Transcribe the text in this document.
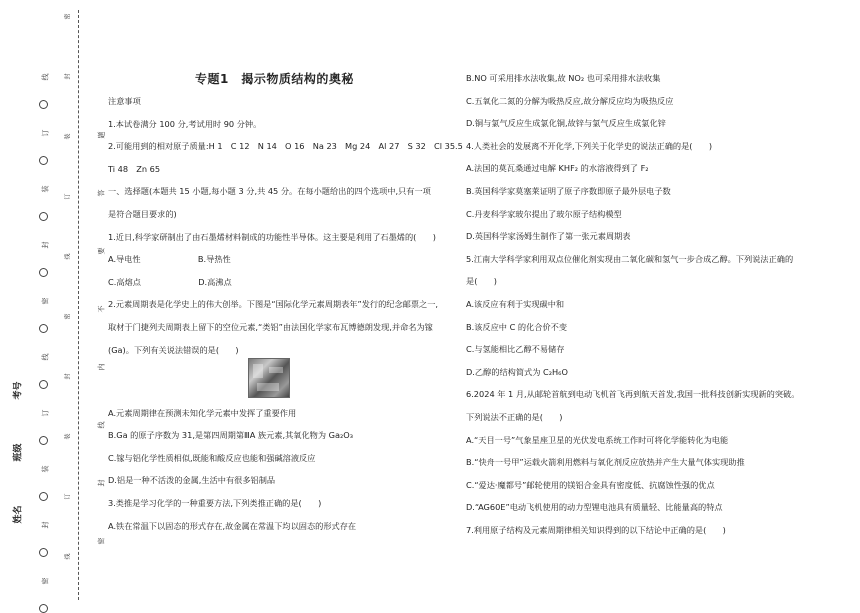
姓名
班级
考号
线
订
装
封
密
线
订
装
封
密
题
答
要
不
内
线
封
密
密
封
装
订
线
密
封
装
订
线
专题1　揭示物质结构的奥秘

注意事项

1.本试卷满分 100 分,考试用时 90 分钟。

2.可能用到的相对原子质量:H 1　C 12　N 14　O 16　Na 23　Mg 24　Al 27　S 32　Cl 35.5

Ti 48　Zn 65

一、选择题(本题共 15 小题,每小题 3 分,共 45 分。在每小题给出的四个选项中,只有一项

是符合题目要求的)

1.近日,科学家研制出了由石墨烯材料制成的功能性半导体。这主要是利用了石墨烯的(　　)

A.导电性　　　　　　　B.导热性

C.高熔点　　　　　　　D.高沸点

2.元素周期表是化学史上的伟大创举。下图是“国际化学元素周期表年”发行的纪念邮票之一,

取材于门捷列夫周期表上留下的空位元素,“类铝”由法国化学家布瓦博德朗发现,并命名为镓

(Ga)。下列有关说法错误的是(　　)

A.元素周期律在预测未知化学元素中发挥了重要作用

B.Ga 的原子序数为 31,是第四周期第ⅢA 族元素,其氧化物为 Ga₂O₃

C.镓与铝化学性质相似,既能和酸反应也能和强碱溶液反应

D.铝是一种不活泼的金属,生活中有很多铝制品

3.类推是学习化学的一种重要方法,下列类推正确的是(　　)

A.铁在常温下以固态的形式存在,故金属在常温下均以固态的形式存在

B.NO 可采用排水法收集,故 NO₂ 也可采用排水法收集

C.五氧化二氮的分解为吸热反应,故分解反应均为吸热反应

D.铜与氯气反应生成氯化铜,故锌与氯气反应生成氯化锌

4.人类社会的发展离不开化学,下列关于化学史的说法正确的是(　　)

A.法国的莫瓦桑通过电解 KHF₂ 的水溶液得到了 F₂

B.英国科学家莫塞莱证明了原子序数即原子最外层电子数

C.丹麦科学家玻尔提出了玻尔原子结构模型

D.英国科学家汤姆生制作了第一张元素周期表

5.江南大学科学家利用双点位催化剂实现由二氧化碳和氢气一步合成乙醇。下列说法正确的

是(　　)

A.该反应有利于实现碳中和

B.该反应中 C 的化合价不变

C.与氢能相比乙醇不易储存

D.乙醇的结构简式为 C₂H₆O

6.2024 年 1 月,从邮轮首航到电动飞机首飞再到航天首发,我国一批科技创新实现新的突破。

下列说法不正确的是(　　)

A.“天目一号”气象星座卫星的光伏发电系统工作时可将化学能转化为电能

B.“快舟一号甲”运载火箭利用燃料与氧化剂反应放热并产生大量气体实现助推

C.“爱达·魔都号”邮轮使用的镁铝合金具有密度低、抗腐蚀性强的优点

D.“AG60E”电动飞机使用的动力型锂电池具有质量轻、比能量高的特点

7.利用原子结构及元素周期律相关知识得到的以下结论中正确的是(　　)
